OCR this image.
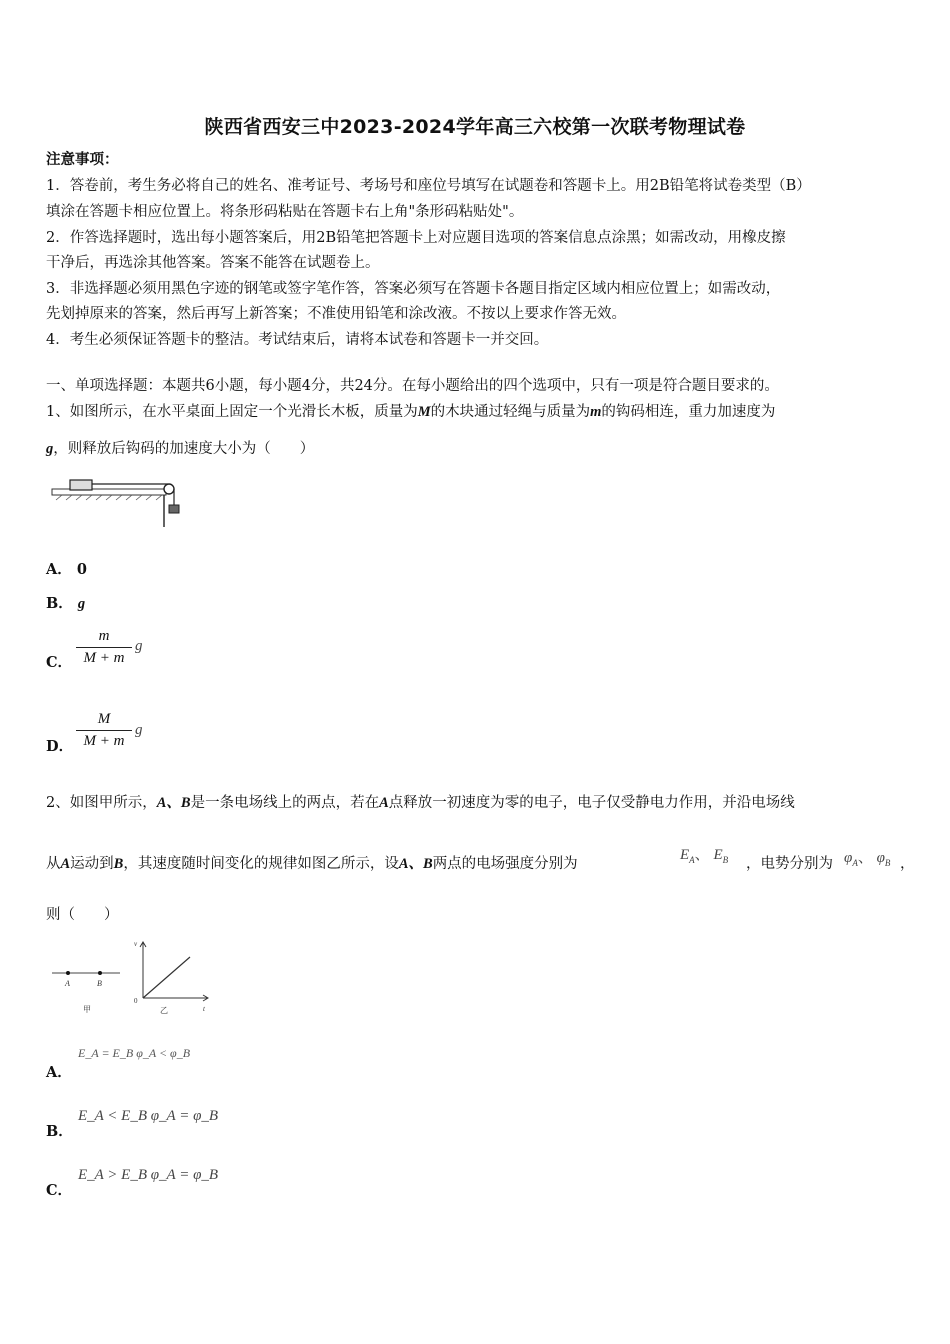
陕西省西安三中2023-2024学年高三六校第一次联考物理试卷
注意事项：
1．答卷前，考生务必将自己的姓名、准考证号、考场号和座位号填写在试题卷和答题卡上。用2B铅笔将试卷类型（B）
填涂在答题卡相应位置上。将条形码粘贴在答题卡右上角"条形码粘贴处"。
2．作答选择题时，选出每小题答案后，用2B铅笔把答题卡上对应题目选项的答案信息点涂黑；如需改动，用橡皮擦
干净后，再选涂其他答案。答案不能答在试题卷上。
3．非选择题必须用黑色字迹的钢笔或签字笔作答，答案必须写在答题卡各题目指定区域内相应位置上；如需改动，
先划掉原来的答案，然后再写上新答案；不准使用铅笔和涂改液。不按以上要求作答无效。
4．考生必须保证答题卡的整洁。考试结束后，请将本试卷和答题卡一并交回。
一、单项选择题：本题共6小题，每小题4分，共24分。在每小题给出的四个选项中，只有一项是符合题目要求的。
1、如图所示，在水平桌面上固定一个光滑长木板，质量为M的木块通过轻绳与质量为m的钩码相连，重力加速度为
g，则释放后钩码的加速度大小为（　　）
A． 0
B． g
C．
m
M + m
g
D．
M
M + m
g
2、如图甲所示，A、B是一条电场线上的两点，若在A点释放一初速度为零的电子，电子仅受静电力作用，并沿电场线
从A运动到B，其速度随时间变化的规律如图乙所示，设A、B两点的电场强度分别为
$E_A$、 $E_B$ ，电势分别为 $\varphi_A$、 $\varphi_B$ ，
则（　　）
A	B
甲
v
t
0
乙
A．
E_A = E_B φ_A < φ_B
B．
E_A < E_B φ_A = φ_B
C．
E_A > E_B φ_A = φ_B
